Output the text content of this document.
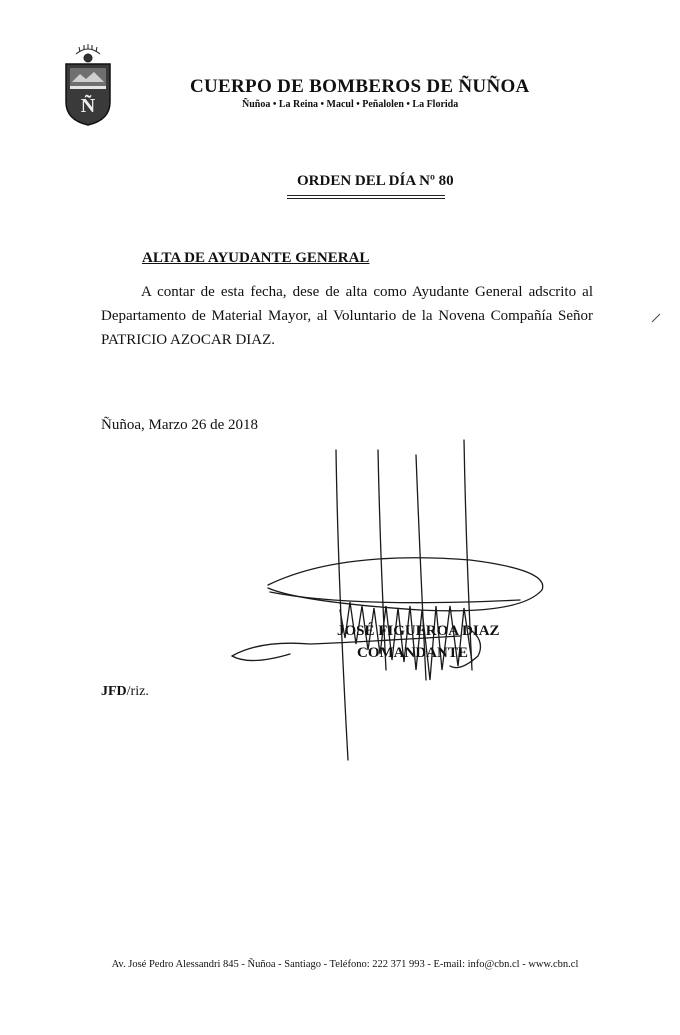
Ñ
CUERPO DE BOMBEROS DE ÑUÑOA
Ñuñoa • La Reina • Macul • Peñalolen • La Florida
ORDEN DEL DÍA Nº 80
ALTA DE AYUDANTE GENERAL
A contar de esta fecha, dese de alta como Ayudante General adscrito al Departamento de Material Mayor, al Voluntario de la Novena Compañía Señor PATRICIO AZOCAR DIAZ.
Ñuñoa, Marzo 26 de 2018
JOSÉ FIGUEROA DIAZ
COMANDANTE
JFD/riz.
Av. José Pedro Alessandri 845 - Ñuñoa - Santiago - Teléfono: 222 371 993 - E-mail: info@cbn.cl - www.cbn.cl
